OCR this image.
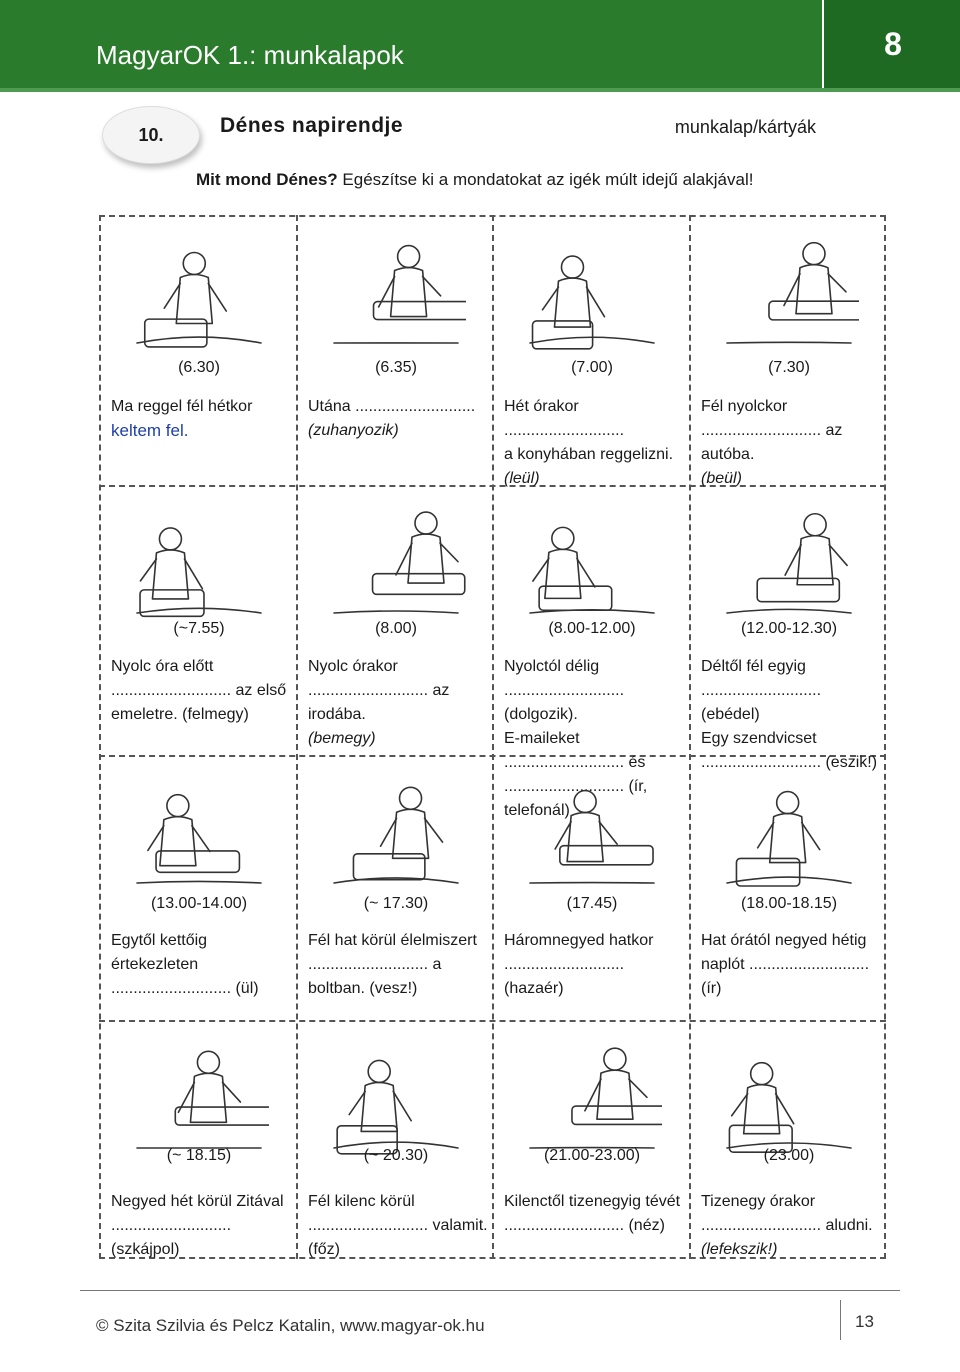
MagyarOK 1.: munkalapok	8
10.	Dénes napirendje	munkalap/kártyák
Mit mond Dénes? Egészítse ki a mondatokat az igék múlt idejű alakjával!
(6.30)
Ma reggel fél hétkor
keltem fel.
(6.35)
Utána ...........................
(zuhanyozik)
(7.00)
Hét órakor ...........................
a konyhában reggelizni.
(leül)
(7.30)
Fél nyolckor
........................... az autóba.
(beül)
(~7.55)
Nyolc óra előtt
........................... az első
emeletre. (felmegy)
(8.00)
Nyolc órakor
........................... az irodába.
(bemegy)
(8.00-12.00)
Nyolctól délig
........................... (dolgozik).
E-maileket ........................... és
........................... (ír, telefonál)
(12.00-12.30)
Déltől fél egyig
........................... (ebédel)
Egy szendvicset
........................... (eszik!)
(13.00-14.00)
Egytől kettőig értekezleten
........................... (ül)
(~ 17.30)
Fél hat körül élelmiszert
........................... a boltban. (vesz!)
(17.45)
Háromnegyed hatkor
........................... (hazaér)
(18.00-18.15)
Hat órától negyed hétig
naplót ........................... (ír)
(~ 18.15)
Negyed hét körül Zitával
........................... (szkájpol)
(~ 20.30)
Fél kilenc körül
........................... valamit. (főz)
(21.00-23.00)
Kilenctől tizenegyig tévét
........................... (néz)
(23.00)
Tizenegy órakor
........................... aludni.
(lefekszik!)
© Szita Szilvia és Pelcz Katalin, www.magyar-ok.hu	13
